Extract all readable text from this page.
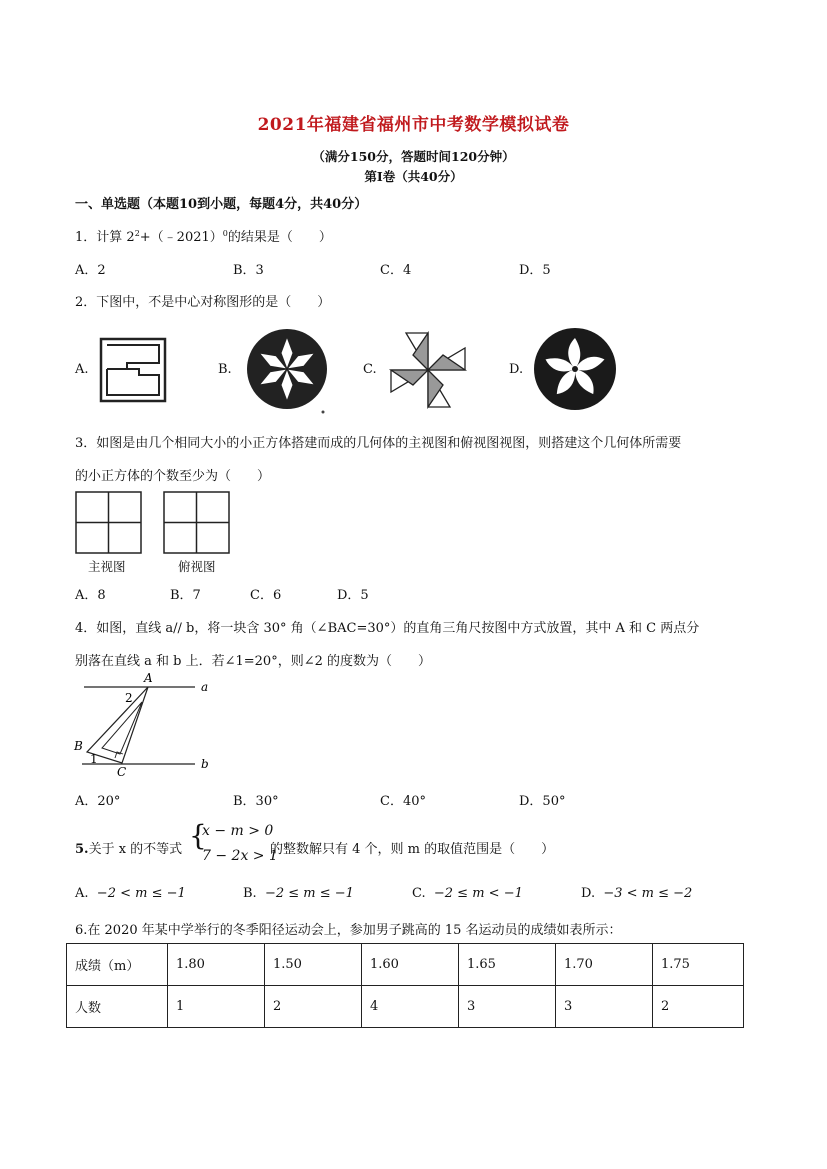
2021年福建省福州市中考数学模拟试卷
（满分150分，答题时间120分钟）
第Ⅰ卷（共40分）
一、单选题（本题10到小题，每题4分，共40分）
1．计算 $2^2+(﹣2021)^0$的结果是（　　）
A．2	B．3	C．4	D．5
2．下图中，不是中心对称图形的是（　　）
A.	B.	C.	D.
3．如图是由几个相同大小的小正方体搭建而成的几何体的主视图和俯视图视图，则搭建这个几何体所需要
的小正方体的个数至少为（　　）
主视图	俯视图
A．8	B．7	C．6	D．5
4．如图，直线 a// b，将一块含 30° 角（∠BAC=30°）的直角三角尺按图中方式放置，其中 A 和 C 两点分
别落在直线 a 和 b 上．若∠1=20°，则∠2 的度数为（　　）
A
a
2
B
1
C
b
A．20°	B．30°	C．40°	D．50°
5.关于 x 的不等式 {
x − m > 0
7 − 2x > 1
的整数解只有 4 个，则 m 的取值范围是（　　）
A. −2 < m ≤ −1	B. −2 ≤ m ≤ −1	C. −2 ≤ m < −1	D. −3 < m ≤ −2
6.在 2020 年某中学举行的冬季阳径运动会上，参加男子跳高的 15 名运动员的成绩如表所示：
成绩（m）	1.80	1.50	1.60	1.65	1.70	1.75
人数	1	2	4	3	3	2
